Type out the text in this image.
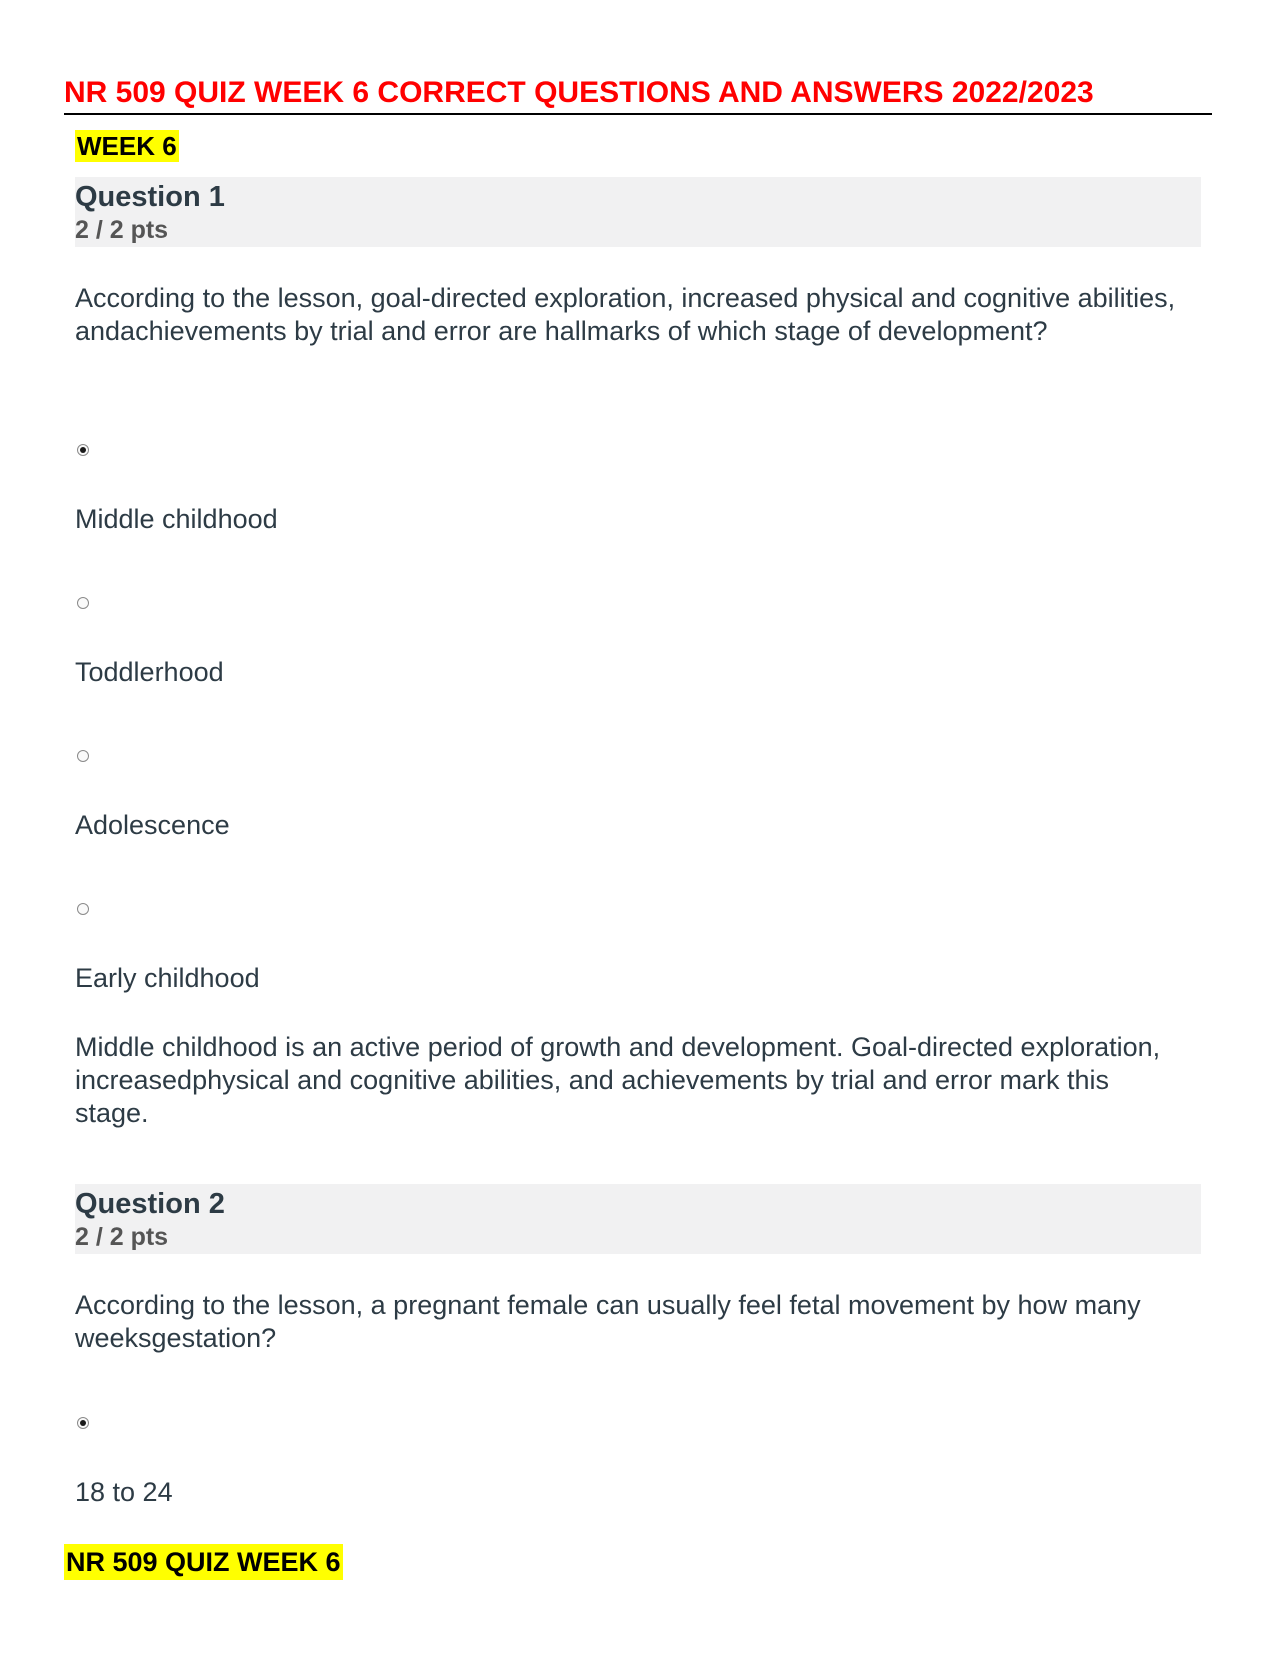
NR 509 QUIZ WEEK 6 CORRECT QUESTIONS AND ANSWERS 2022/2023
WEEK 6
Question 1
2 / 2 pts
According to the lesson, goal-directed exploration, increased physical and cognitive abilities, andachievements by trial and error are hallmarks of which stage of development?
Middle childhood
Toddlerhood
Adolescence
Early childhood
Middle childhood is an active period of growth and development. Goal-directed exploration, increasedphysical and cognitive abilities, and achievements by trial and error mark this stage.
Question 2
2 / 2 pts
According to the lesson, a pregnant female can usually feel fetal movement by how many weeksgestation?
18 to 24
NR 509 QUIZ WEEK 6
